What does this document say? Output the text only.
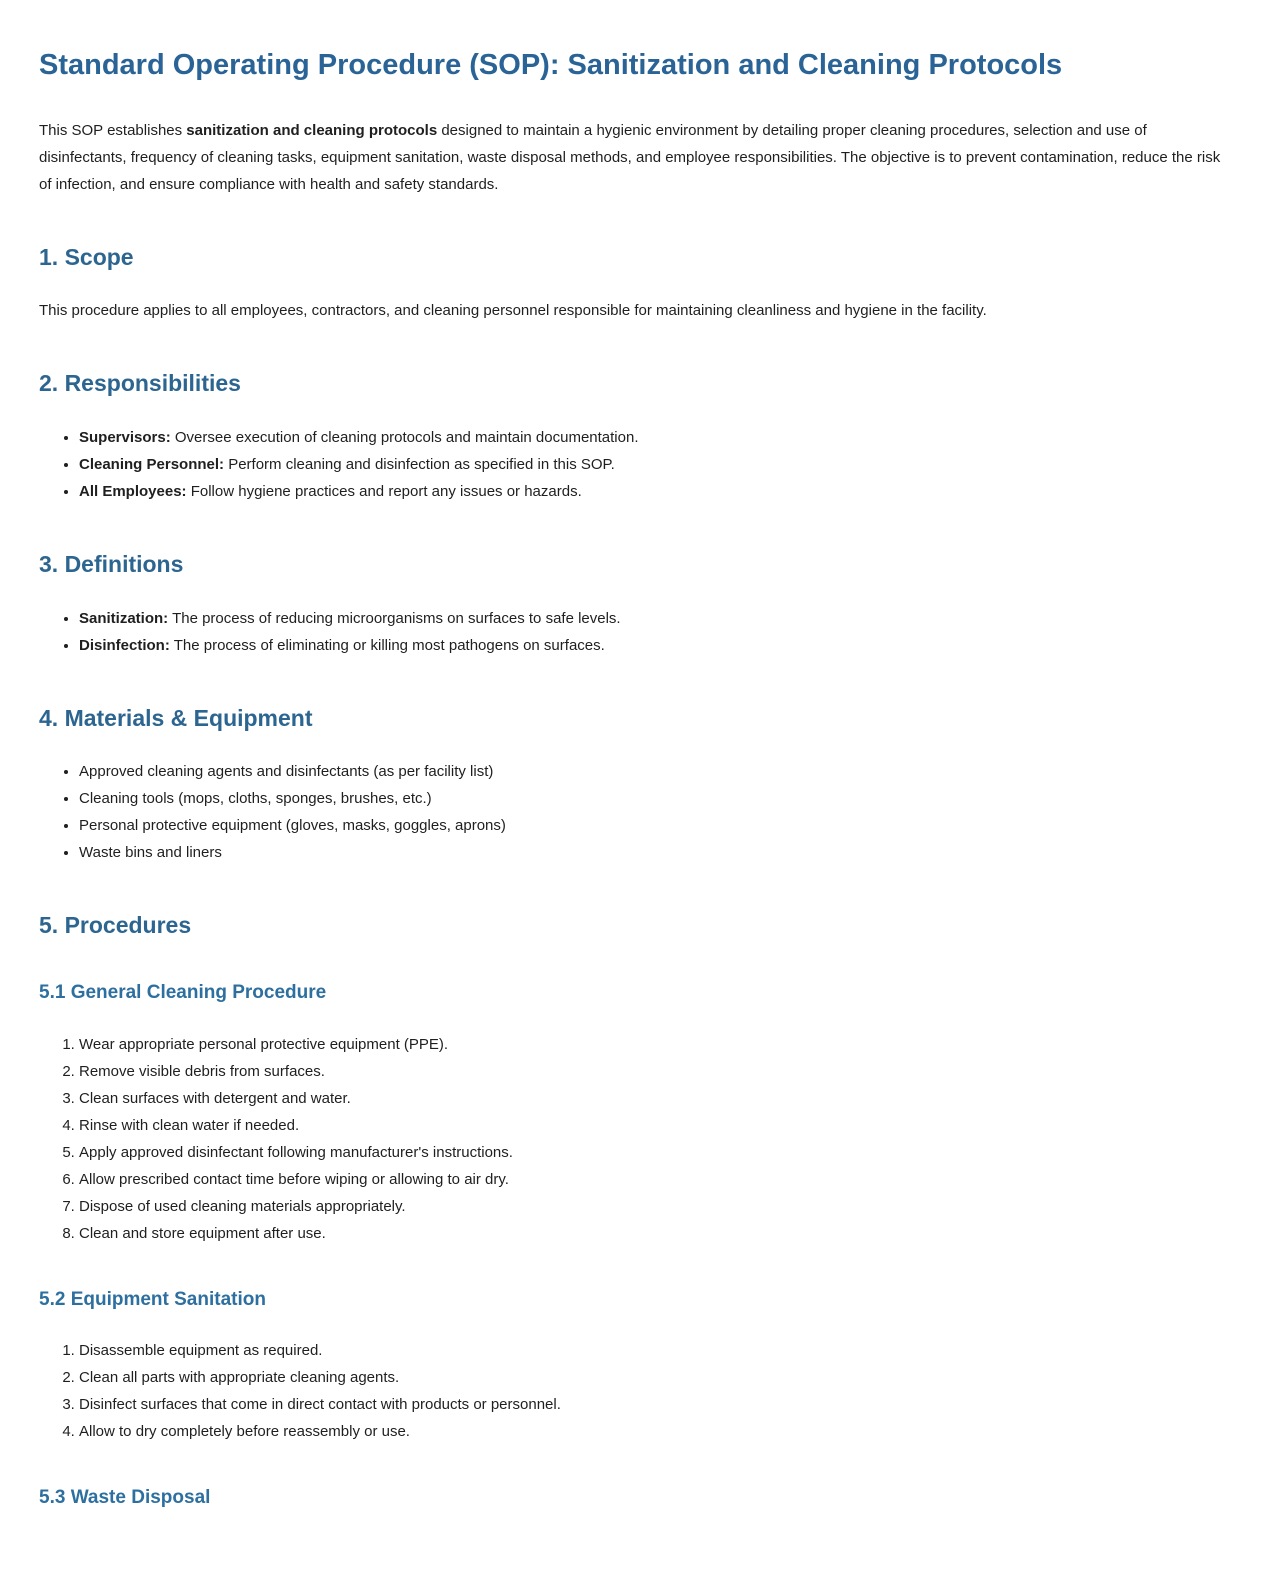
Standard Operating Procedure (SOP): Sanitization and Cleaning Protocols

This SOP establishes sanitization and cleaning protocols designed to maintain a hygienic environment by detailing proper cleaning procedures, selection and use of disinfectants, frequency of cleaning tasks, equipment sanitation, waste disposal methods, and employee responsibilities. The objective is to prevent contamination, reduce the risk of infection, and ensure compliance with health and safety standards.

1. Scope

This procedure applies to all employees, contractors, and cleaning personnel responsible for maintaining cleanliness and hygiene in the facility.

2. Responsibilities
• Supervisors: Oversee execution of cleaning protocols and maintain documentation.
• Cleaning Personnel: Perform cleaning and disinfection as specified in this SOP.
• All Employees: Follow hygiene practices and report any issues or hazards.
3. Definitions
• Sanitization: The process of reducing microorganisms on surfaces to safe levels.
• Disinfection: The process of eliminating or killing most pathogens on surfaces.
4. Materials & Equipment
• Approved cleaning agents and disinfectants (as per facility list)
• Cleaning tools (mops, cloths, sponges, brushes, etc.)
• Personal protective equipment (gloves, masks, goggles, aprons)
• Waste bins and liners
5. Procedures
5.1 General Cleaning Procedure
1. Wear appropriate personal protective equipment (PPE).
2. Remove visible debris from surfaces.
3. Clean surfaces with detergent and water.
4. Rinse with clean water if needed.
5. Apply approved disinfectant following manufacturer's instructions.
6. Allow prescribed contact time before wiping or allowing to air dry.
7. Dispose of used cleaning materials appropriately.
8. Clean and store equipment after use.
5.2 Equipment Sanitation
1. Disassemble equipment as required.
2. Clean all parts with appropriate cleaning agents.
3. Disinfect surfaces that come in direct contact with products or personnel.
4. Allow to dry completely before reassembly or use.
5.3 Waste Disposal
